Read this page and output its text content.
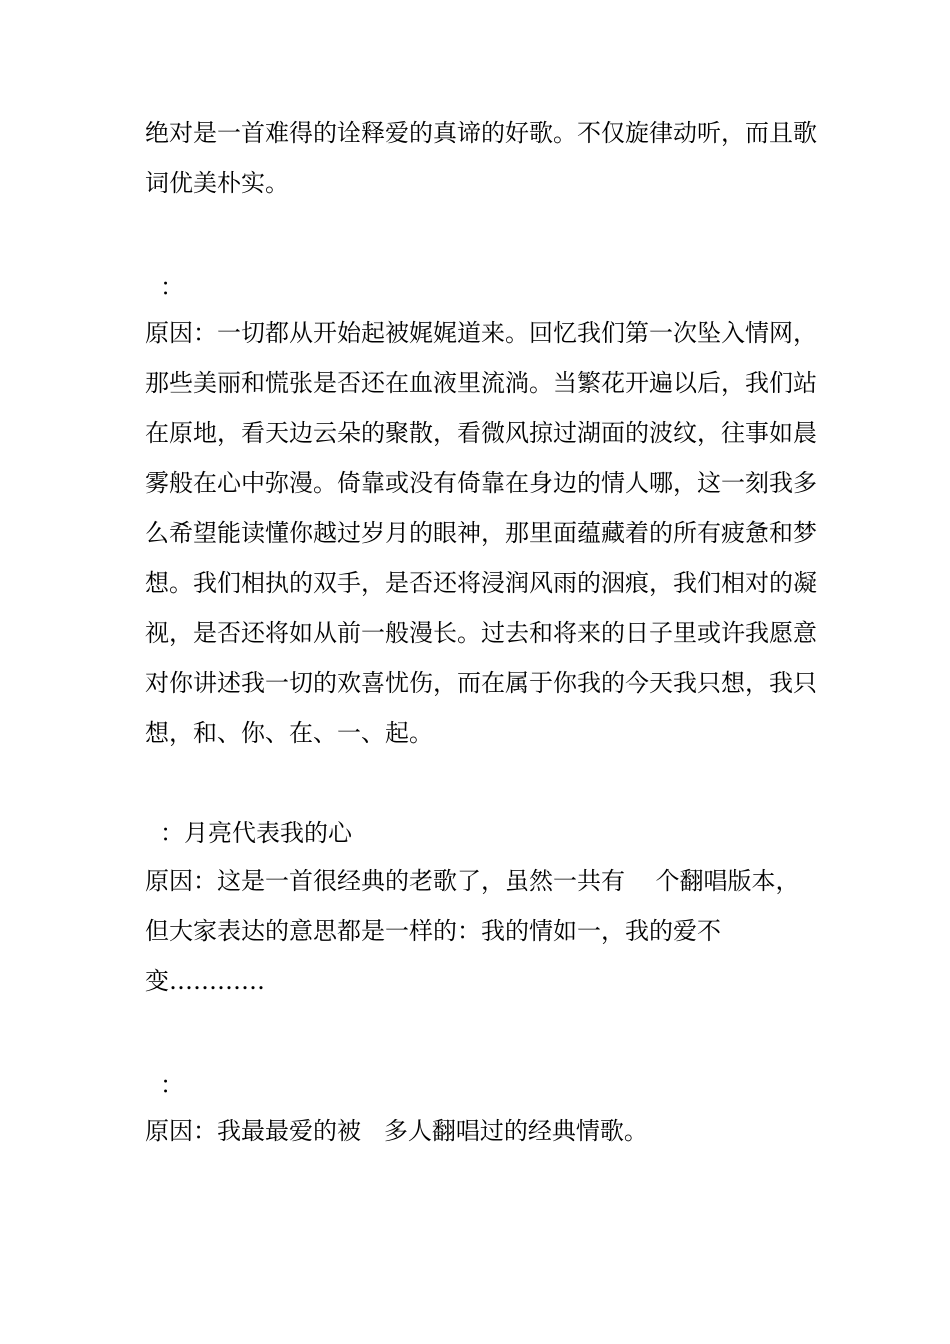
绝对是一首难得的诠释爱的真谛的好歌。不仅旋律动听，而且歌
词优美朴实。
：
原因：一切都从开始起被娓娓道来。回忆我们第一次坠入情网，
那些美丽和慌张是否还在血液里流淌。当繁花开遍以后，我们站
在原地，看天边云朵的聚散，看微风掠过湖面的波纹，往事如晨
雾般在心中弥漫。倚靠或没有倚靠在身边的情人哪，这一刻我多
么希望能读懂你越过岁月的眼神，那里面蕴藏着的所有疲惫和梦
想。我们相执的双手，是否还将浸润风雨的洇痕，我们相对的凝
视，是否还将如从前一般漫长。过去和将来的日子里或许我愿意
对你讲述我一切的欢喜忧伤，而在属于你我的今天我只想，我只
想，和、你、在、一、起。
：月亮代表我的心
原因：这是一首很经典的老歌了，虽然一共有    个翻唱版本，
但大家表达的意思都是一样的：我的情如一，我的爱不
变…………
：
原因：我最最爱的被   多人翻唱过的经典情歌。
